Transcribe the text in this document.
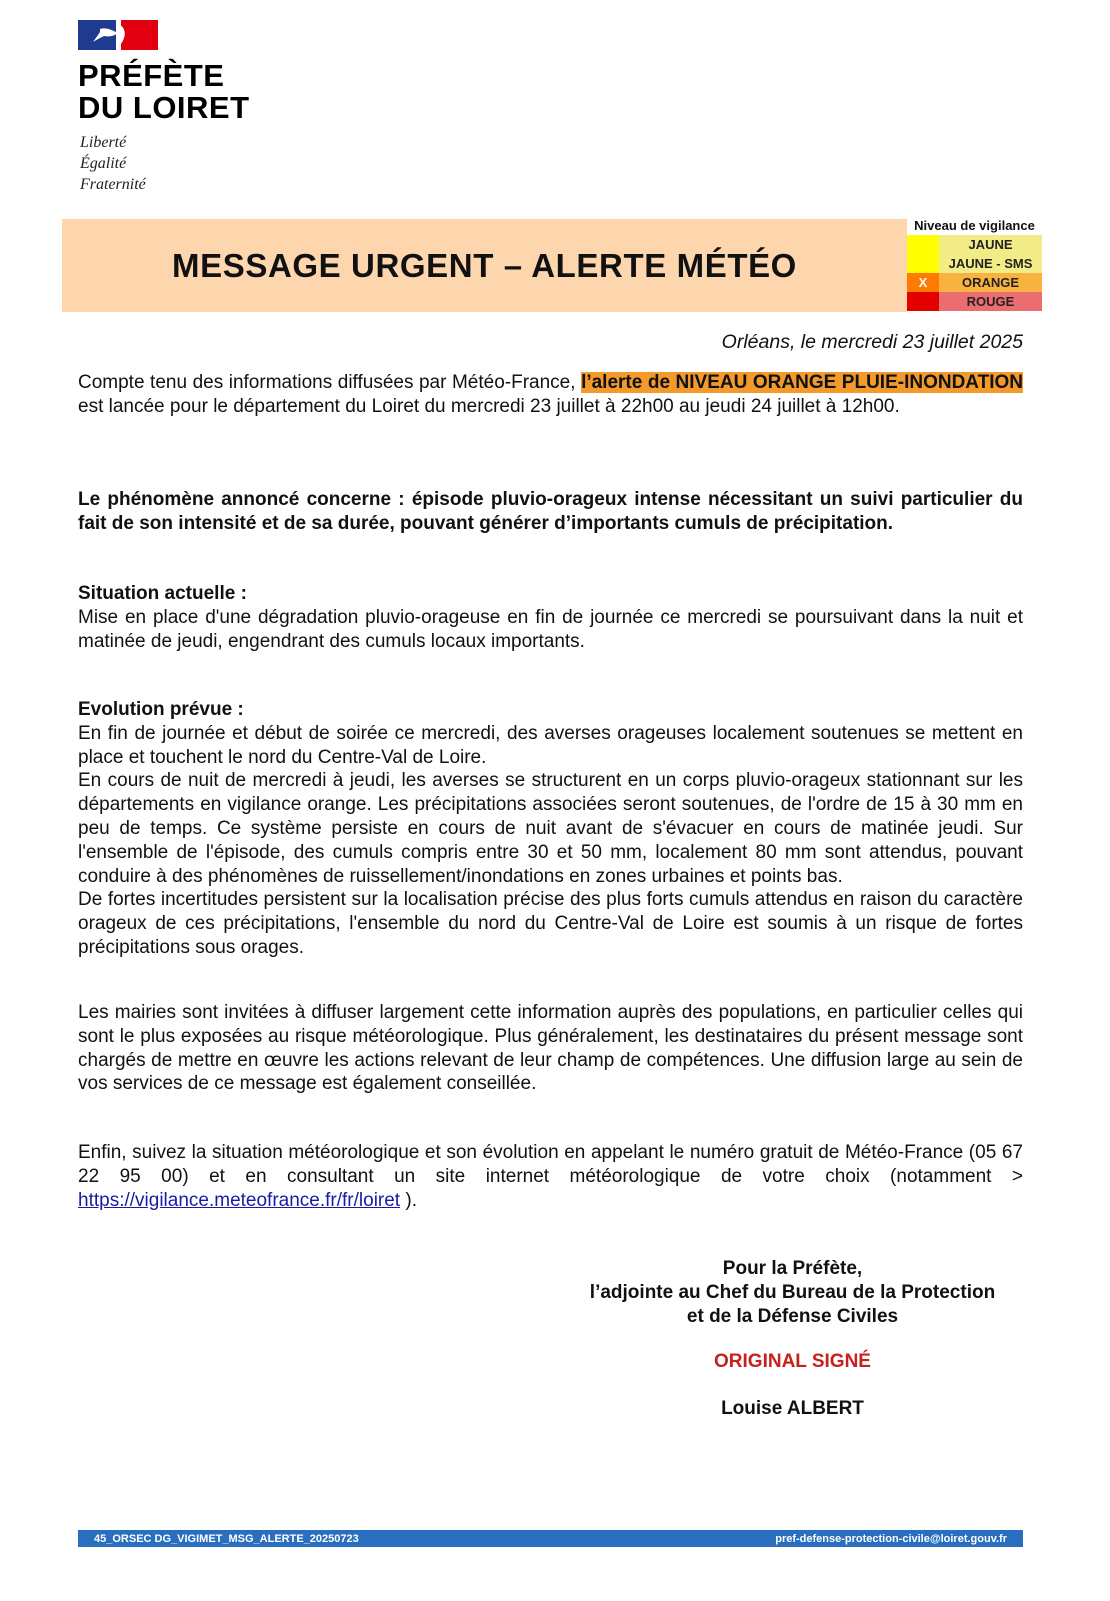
PRÉFÈTE
DU LOIRET
Liberté
Égalité
Fraternité
MESSAGE URGENT – ALERTE MÉTÉO
Niveau de vigilance
JAUNE
JAUNE - SMS
X	ORANGE
ROUGE
Orléans, le mercredi 23 juillet 2025
Compte tenu des informations diffusées par Météo-France, l’alerte de NIVEAU ORANGE PLUIE-INONDATION est lancée pour le département du Loiret du mercredi 23 juillet à 22h00 au jeudi 24 juillet à 12h00.
Le phénomène annoncé concerne : épisode pluvio-orageux intense nécessitant un suivi particulier du fait de son intensité et de sa durée, pouvant générer d’importants cumuls de précipitation.
Situation actuelle :
Mise en place d'une dégradation pluvio-orageuse en fin de journée ce mercredi se poursuivant dans la nuit et matinée de jeudi, engendrant des cumuls locaux importants.
Evolution prévue :
En fin de journée et début de soirée ce mercredi, des averses orageuses localement soutenues se mettent en place et touchent le nord du Centre-Val de Loire.
En cours de nuit de mercredi à jeudi, les averses se structurent en un corps pluvio-orageux stationnant sur les départements en vigilance orange. Les précipitations associées seront soutenues, de l'ordre de 15 à 30 mm en peu de temps. Ce système persiste en cours de nuit avant de s'évacuer en cours de matinée jeudi. Sur l'ensemble de l'épisode, des cumuls compris entre 30 et 50 mm, localement 80 mm sont attendus, pouvant conduire à des phénomènes de ruissellement/inondations en zones urbaines et points bas.
De fortes incertitudes persistent sur la localisation précise des plus forts cumuls attendus en raison du caractère orageux de ces précipitations, l'ensemble du nord du Centre-Val de Loire est soumis à un risque de fortes précipitations sous orages.
Les mairies sont invitées à diffuser largement cette information auprès des populations, en particulier celles qui sont le plus exposées au risque météorologique. Plus généralement, les destinataires du présent message sont chargés de mettre en œuvre les actions relevant de leur champ de compétences. Une diffusion large au sein de vos services de ce message est également conseillée.
Enfin, suivez la situation météorologique et son évolution en appelant le numéro gratuit de Météo-France (05 67 22 95 00) et en consultant un site internet météorologique de votre choix (notamment > https://vigilance.meteofrance.fr/fr/loiret ).
Pour la Préfète,
l’adjointe au Chef du Bureau de la Protection
et de la Défense Civiles
ORIGINAL SIGNÉ
Louise ALBERT
45_ORSEC DG_VIGIMET_MSG_ALERTE_20250723	pref-defense-protection-civile@loiret.gouv.fr
